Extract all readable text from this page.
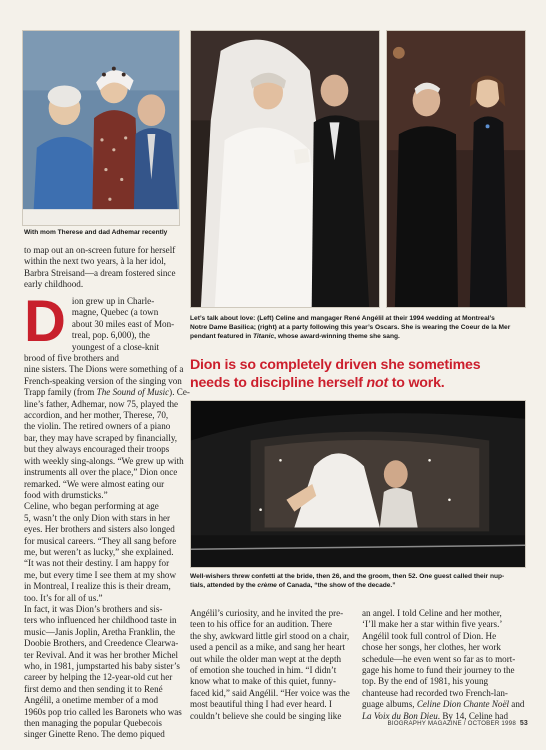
With mom Therese and dad Adhemar recently
Let’s talk about love: (Left) Celine and mangager René Angélil at their 1994 wedding at Montreal’s
Notre Dame Basilica; (right) at a party following this year’s Oscars. She is wearing the Coeur de la Mer
pendant featured in Titanic, whose award-winning theme she sang.
Dion is so completely driven she sometimes
needs to discipline herself not to work.
Well-wishers threw confetti at the bride, then 26, and the groom, then 52. One guest called their nup-
tials, attended by the crème of Canada, “the show of the decade.”
to map out an on-screen future for herself
within the next two years, à la her idol,
Barbra Streisand—a dream fostered since
early childhood.
D ion grew up in Charle-
magne, Quebec (a town
about 30 miles east of Mon-
treal, pop. 6,000), the
youngest of a close-knit
brood of five brothers and
nine sisters. The Dions were something of a
French-speaking version of the singing von
Trapp family (from The Sound of Music). Ce-
line’s father, Adhemar, now 75, played the
accordion, and her mother, Therese, 70,
the violin. The retired owners of a piano
bar, they may have scraped by financially,
but they always encouraged their troops
with weekly sing-alongs. “We grew up with
instruments all over the place,” Dion once
remarked. “We were almost eating our
food with drumsticks.”
Celine, who began performing at age
5, wasn’t the only Dion with stars in her
eyes. Her brothers and sisters also longed
for musical careers. “They all sang before
me, but weren’t as lucky,” she explained.
“It was not their destiny. I am happy for
me, but every time I see them at my show
in Montreal, I realize this is their dream,
too. It’s for all of us.”
In fact, it was Dion’s brothers and sis-
ters who influenced her childhood taste in
music—Janis Joplin, Aretha Franklin, the
Doobie Brothers, and Creedence Clearwa-
ter Revival. And it was her brother Michel
who, in 1981, jumpstarted his baby sister’s
career by helping the 12-year-old cut her
first demo and then sending it to René
Angélil, a onetime member of a mod
1960s pop trio called les Baronets who was
then managing the popular Quebecois
singer Ginette Reno. The demo piqued
Angélil’s curiosity, and he invited the pre-
teen to his office for an audition. There
the shy, awkward little girl stood on a chair,
used a pencil as a mike, and sang her heart
out while the older man wept at the depth
of emotion she touched in him. “I didn’t
know what to make of this quiet, funny-
faced kid,” said Angélil. “Her voice was the
most beautiful thing I had ever heard. I
couldn’t believe she could be singing like
an angel. I told Celine and her mother,
‘I’ll make her a star within five years.’
Angélil took full control of Dion. He
chose her songs, her clothes, her work
schedule—he even went so far as to mort-
gage his home to fund their journey to the
top. By the end of 1981, his young
chanteuse had recorded two French-lan-
guage albums, Celine Dion Chante Noël and
La Voix du Bon Dieu. By 14, Celine had
BIOGRAPHY MAGAZINE / OCTOBER 1998 53
